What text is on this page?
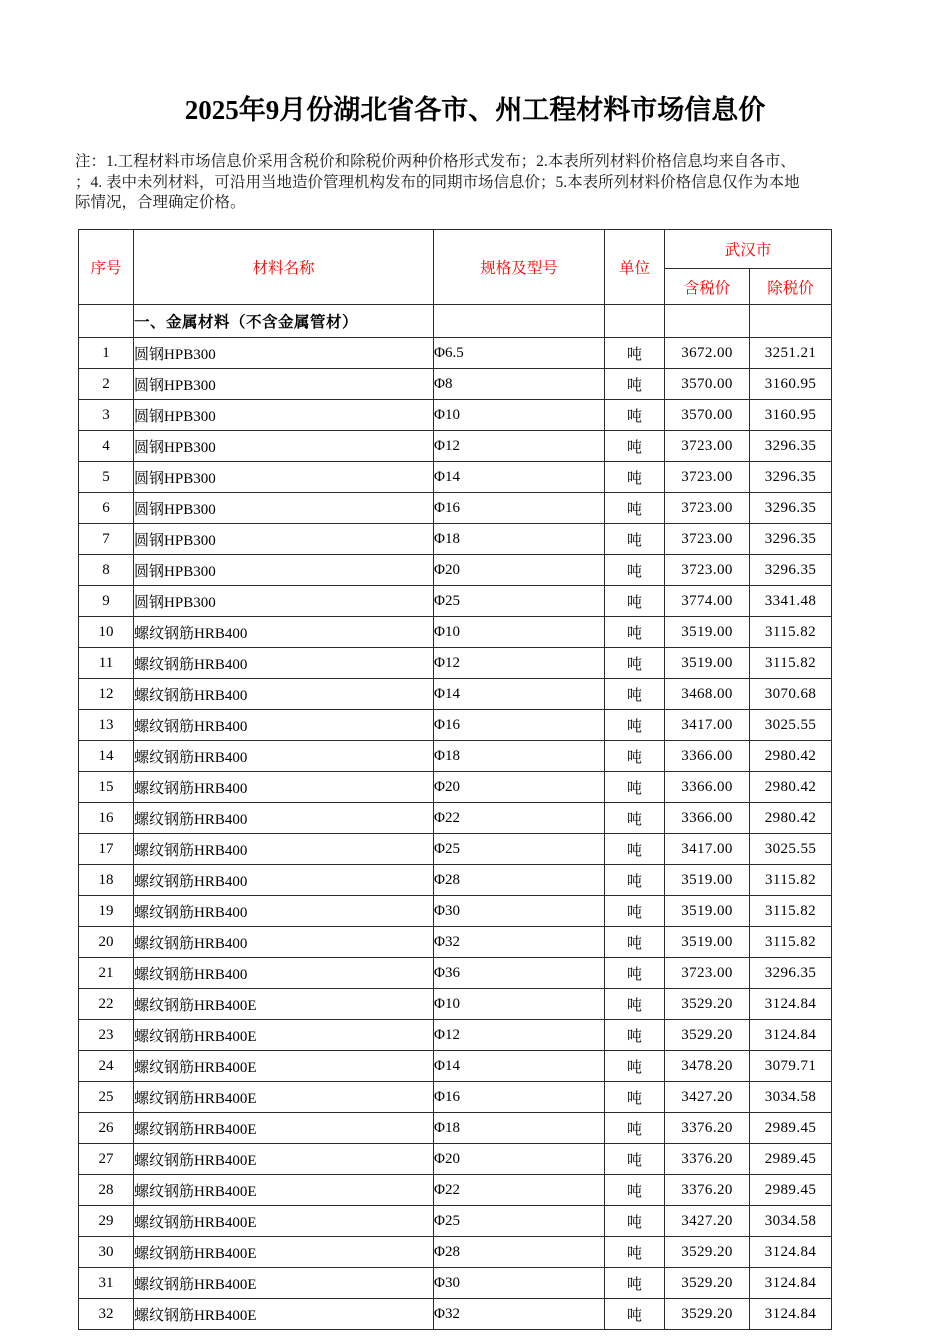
2025年9月份湖北省各市、州工程材料市场信息价
注：1.工程材料市场信息价采用含税价和除税价两种价格形式发布；2.本表所列材料价格信息均来自各市、
；4. 表中未列材料，可沿用当地造价管理机构发布的同期市场信息价；5.本表所列材料价格信息仅作为本地
际情况，合理确定价格。
序号	材料名称	规格及型号	单位	武汉市	
				含税价	除税价
	一、金属材料（不含金属管材）				
1	圆钢HPB300	Φ6.5	吨	3672.00	3251.21
2	圆钢HPB300	Φ8	吨	3570.00	3160.95
3	圆钢HPB300	Φ10	吨	3570.00	3160.95
4	圆钢HPB300	Φ12	吨	3723.00	3296.35
5	圆钢HPB300	Φ14	吨	3723.00	3296.35
6	圆钢HPB300	Φ16	吨	3723.00	3296.35
7	圆钢HPB300	Φ18	吨	3723.00	3296.35
8	圆钢HPB300	Φ20	吨	3723.00	3296.35
9	圆钢HPB300	Φ25	吨	3774.00	3341.48
10	螺纹钢筋HRB400	Φ10	吨	3519.00	3115.82
11	螺纹钢筋HRB400	Φ12	吨	3519.00	3115.82
12	螺纹钢筋HRB400	Φ14	吨	3468.00	3070.68
13	螺纹钢筋HRB400	Φ16	吨	3417.00	3025.55
14	螺纹钢筋HRB400	Φ18	吨	3366.00	2980.42
15	螺纹钢筋HRB400	Φ20	吨	3366.00	2980.42
16	螺纹钢筋HRB400	Φ22	吨	3366.00	2980.42
17	螺纹钢筋HRB400	Φ25	吨	3417.00	3025.55
18	螺纹钢筋HRB400	Φ28	吨	3519.00	3115.82
19	螺纹钢筋HRB400	Φ30	吨	3519.00	3115.82
20	螺纹钢筋HRB400	Φ32	吨	3519.00	3115.82
21	螺纹钢筋HRB400	Φ36	吨	3723.00	3296.35
22	螺纹钢筋HRB400E	Φ10	吨	3529.20	3124.84
23	螺纹钢筋HRB400E	Φ12	吨	3529.20	3124.84
24	螺纹钢筋HRB400E	Φ14	吨	3478.20	3079.71
25	螺纹钢筋HRB400E	Φ16	吨	3427.20	3034.58
26	螺纹钢筋HRB400E	Φ18	吨	3376.20	2989.45
27	螺纹钢筋HRB400E	Φ20	吨	3376.20	2989.45
28	螺纹钢筋HRB400E	Φ22	吨	3376.20	2989.45
29	螺纹钢筋HRB400E	Φ25	吨	3427.20	3034.58
30	螺纹钢筋HRB400E	Φ28	吨	3529.20	3124.84
31	螺纹钢筋HRB400E	Φ30	吨	3529.20	3124.84
32	螺纹钢筋HRB400E	Φ32	吨	3529.20	3124.84
